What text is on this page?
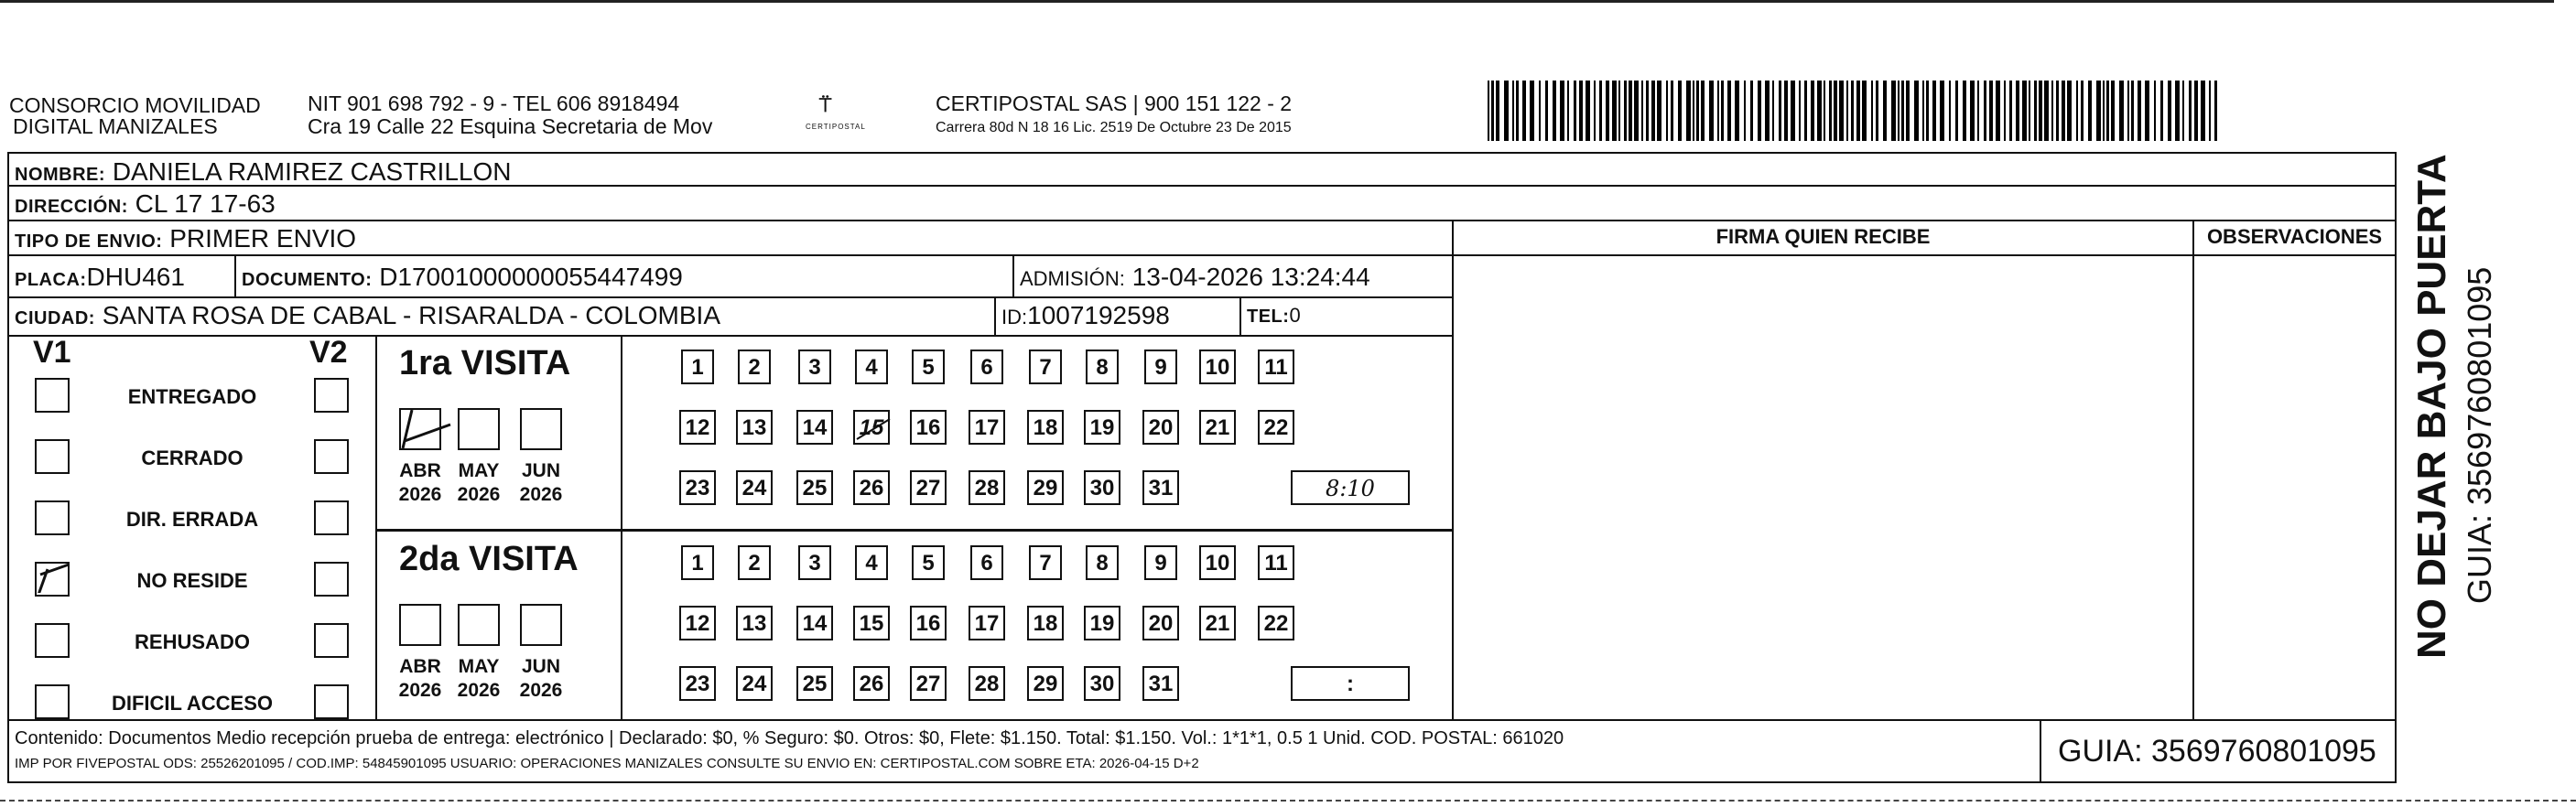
CONSORCIO MOVILIDAD
DIGITAL MANIZALES
NIT 901 698 792 - 9 - TEL 606 8918494
Cra 19 Calle 22 Esquina Secretaria de Mov
⍡
CERTIPOSTAL
CERTIPOSTAL SAS | 900 151 122 - 2
Carrera 80d N 18 16 Lic. 2519 De Octubre 23 De 2015
NOMBRE: DANIELA RAMIREZ CASTRILLON
DIRECCIÓN: CL 17 17-63
TIPO DE ENVIO: PRIMER ENVIO	FIRMA QUIEN RECIBE	OBSERVACIONES
PLACA:DHU461	DOCUMENTO: D17001000000055447499	ADMISIÓN: 13-04-2026 13:24:44
CIUDAD: SANTA ROSA DE CABAL - RISARALDA - COLOMBIA	ID:1007192598	TEL:0
V1	V2
ENTREGADO
CERRADO
DIR. ERRADA
NO RESIDE
REHUSADO
DIFICIL ACCESO
1ra VISITA
ABR
2026
MAY
2026
JUN
2026
1	2	3	4	5	6	7	8	9	10	11
12 13 14 15 16 17 18 19 20 21 22
23 24 25 26 27 28 29 30 31	8:10
2da VISITA
ABR
2026
MAY
2026
JUN
2026
1	2	3	4	5	6	7	8	9	10	11
12 13 14 15 16 17 18 19 20 21 22
23 24 25 26 27 28 29 30 31	:
Contenido: Documentos Medio recepción prueba de entrega: electrónico | Declarado: $0, % Seguro: $0. Otros: $0, Flete: $1.150. Total: $1.150. Vol.: 1*1*1, 0.5 1 Unid. COD. POSTAL: 661020
IMP POR FIVEPOSTAL ODS: 25526201095 / COD.IMP: 54845901095 USUARIO: OPERACIONES MANIZALES CONSULTE SU ENVIO EN: CERTIPOSTAL.COM SOBRE ETA: 2026-04-15 D+2	GUIA: 3569760801095
NO DEJAR BAJO PUERTA GUIA: 3569760801095
